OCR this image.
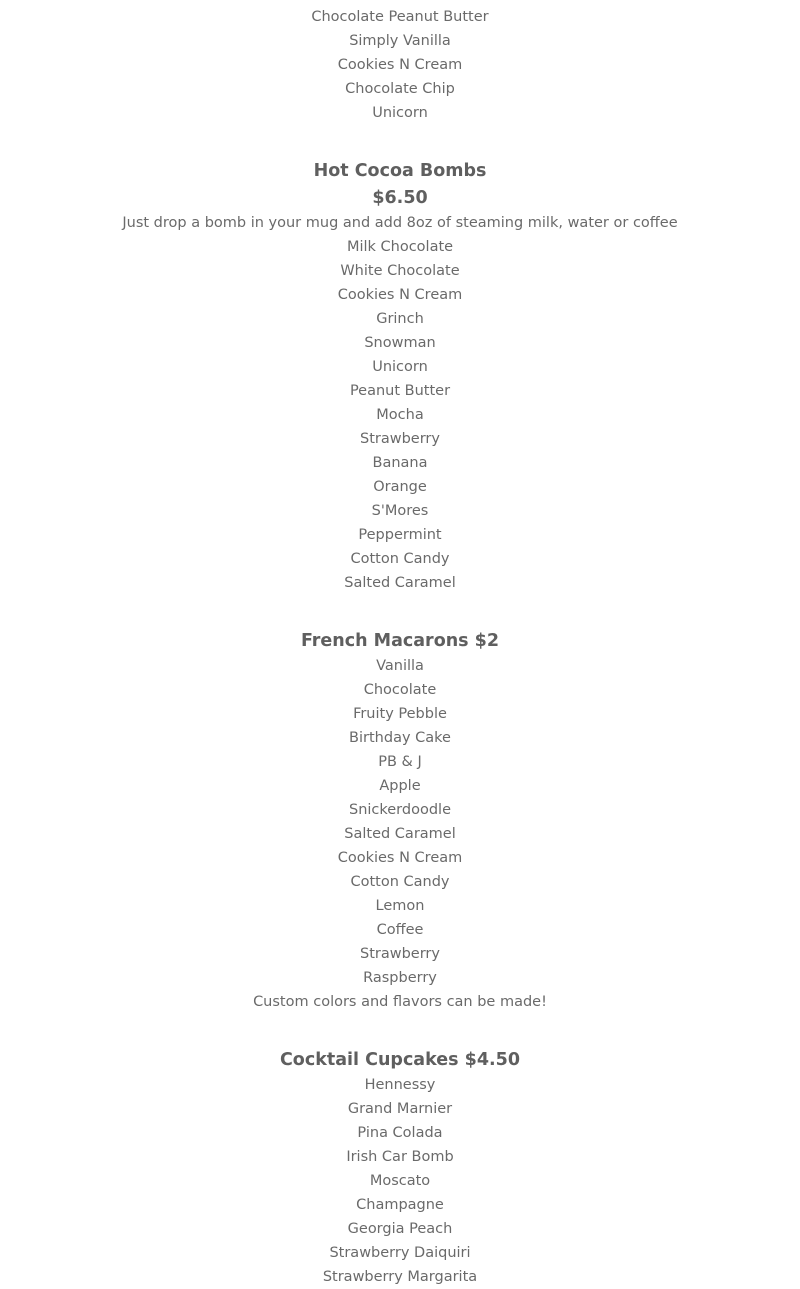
Chocolate Peanut Butter
Simply Vanilla
Cookies N Cream
Chocolate Chip
Unicorn
Hot Cocoa Bombs
$6.50
Just drop a bomb in your mug and add 8oz of steaming milk, water or coffee
Milk Chocolate
White Chocolate
Cookies N Cream
Grinch
Snowman
Unicorn
Peanut Butter
Mocha
Strawberry
Banana
Orange
S'Mores
Peppermint
Cotton Candy
Salted Caramel
French Macarons $2
Vanilla
Chocolate
Fruity Pebble
Birthday Cake
PB & J
Apple
Snickerdoodle
Salted Caramel
Cookies N Cream
Cotton Candy
Lemon
Coffee
Strawberry
Raspberry
Custom colors and flavors can be made!
Cocktail Cupcakes $4.50
Hennessy
Grand Marnier
Pina Colada
Irish Car Bomb
Moscato
Champagne
Georgia Peach
Strawberry Daiquiri
Strawberry Margarita
